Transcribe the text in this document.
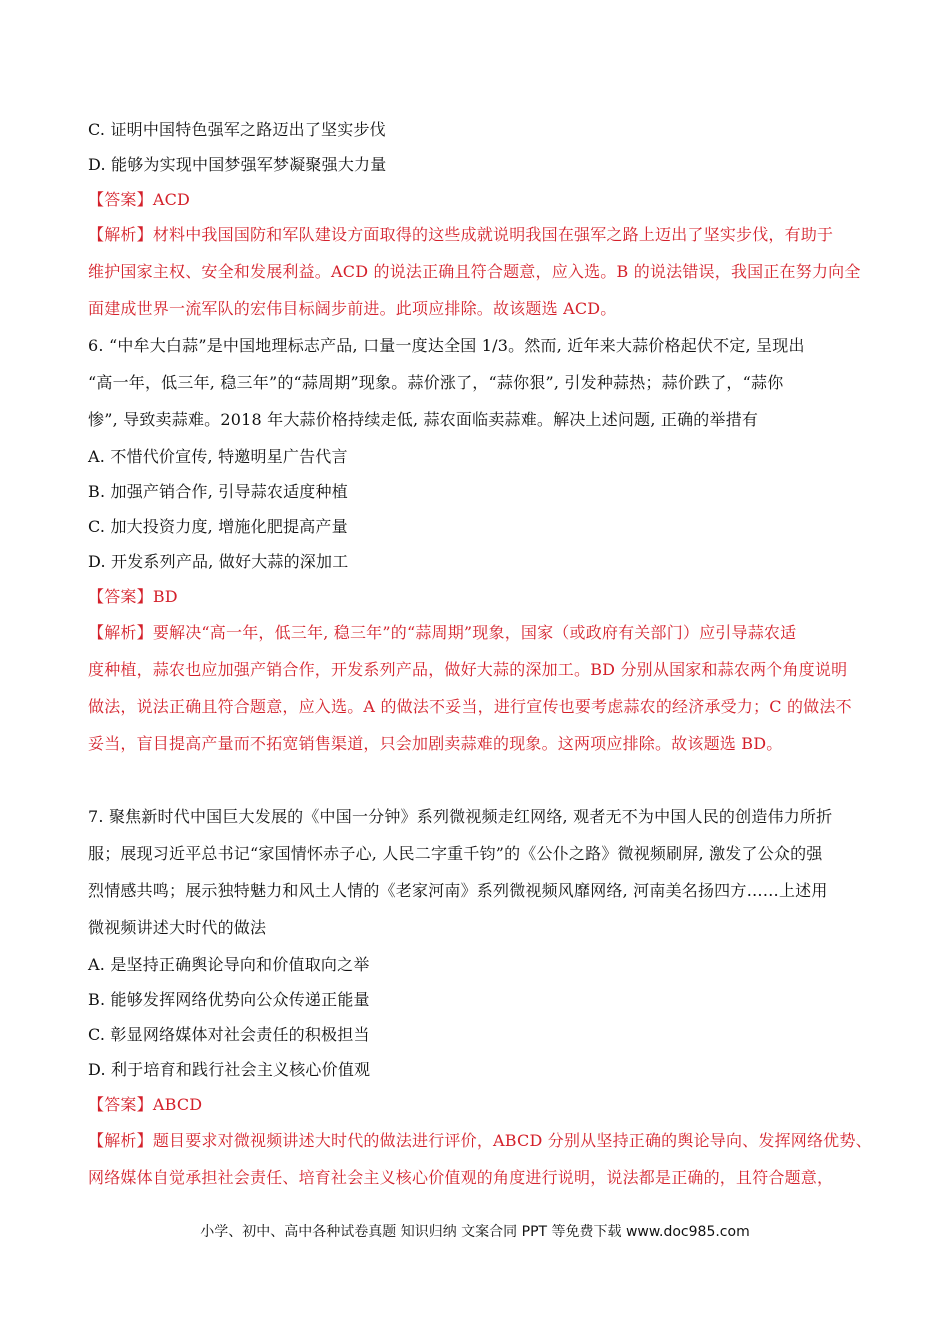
C. 证明中国特色强军之路迈出了坚实步伐
D. 能够为实现中国梦强军梦凝聚强大力量
【答案】ACD
【解析】材料中我国国防和军队建设方面取得的这些成就说明我国在强军之路上迈出了坚实步伐，有助于
维护国家主权、安全和发展利益。ACD 的说法正确且符合题意，应入选。B 的说法错误，我国正在努力向全
面建成世界一流军队的宏伟目标阔步前进。此项应排除。故该题选 ACD。
6. “中牟大白蒜”是中国地理标志产品, 口量一度达全国 1/3。然而, 近年来大蒜价格起伏不定, 呈现出
“高一年，低三年, 稳三年”的“蒜周期”现象。蒜价涨了，“蒜你狠”, 引发种蒜热；蒜价跌了，“蒜你
惨”, 导致卖蒜难。2018 年大蒜价格持续走低, 蒜农面临卖蒜难。解决上述问题, 正确的举措有
A. 不惜代价宣传, 特邀明星广告代言
B. 加强产销合作, 引导蒜农适度种植
C. 加大投资力度, 增施化肥提高产量
D. 开发系列产品, 做好大蒜的深加工
【答案】BD
【解析】要解决“高一年，低三年, 稳三年”的“蒜周期”现象，国家（或政府有关部门）应引导蒜农适
度种植，蒜农也应加强产销合作，开发系列产品，做好大蒜的深加工。BD 分别从国家和蒜农两个角度说明
做法，说法正确且符合题意，应入选。A 的做法不妥当，进行宣传也要考虑蒜农的经济承受力；C 的做法不
妥当，盲目提高产量而不拓宽销售渠道，只会加剧卖蒜难的现象。这两项应排除。故该题选 BD。
7. 聚焦新时代中国巨大发展的《中国一分钟》系列微视频走红网络, 观者无不为中国人民的创造伟力所折
服；展现习近平总书记“家国情怀赤子心, 人民二字重千钧”的《公仆之路》微视频刷屏, 激发了公众的强
烈情感共鸣；展示独特魅力和风土人情的《老家河南》系列微视频风靡网络, 河南美名扬四方……上述用
微视频讲述大时代的做法
A. 是坚持正确舆论导向和价值取向之举
B. 能够发挥网络优势向公众传递正能量
C. 彰显网络媒体对社会责任的积极担当
D. 利于培育和践行社会主义核心价值观
【答案】ABCD
【解析】题目要求对微视频讲述大时代的做法进行评价，ABCD 分别从坚持正确的舆论导向、发挥网络优势、
网络媒体自觉承担社会责任、培育社会主义核心价值观的角度进行说明，说法都是正确的，且符合题意，
小学、初中、高中各种试卷真题 知识归纳 文案合同 PPT 等免费下载 www.doc985.com
